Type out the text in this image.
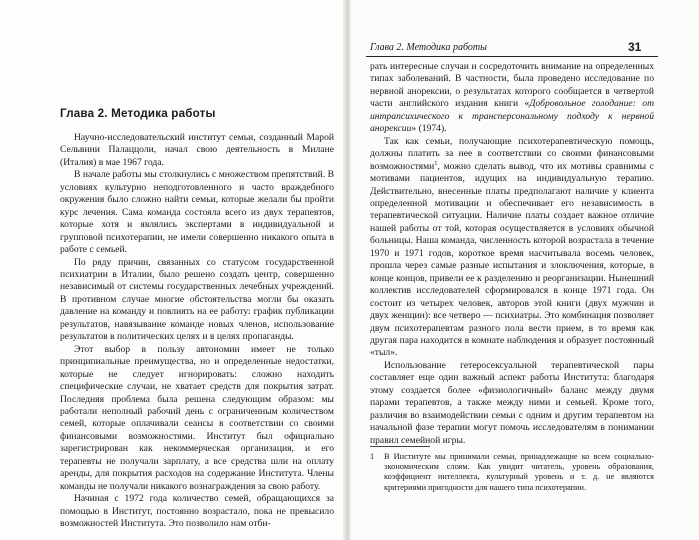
Глава 2. Методика работы

Научно-исследовательский институт семьи, созданный Марой Сельвини Палаццоли, начал свою деятельность в Милане (Италия) в мае 1967 года.

В начале работы мы столкнулись с множеством препятствий. В условиях культурно неподготовленного и часто враждебного окружения было сложно найти семьи, которые желали бы пройти курс лечения. Сама команда состояла всего из двух терапевтов, которые хотя и являлись экспертами в индивидуальной и групповой психотерапии, не имели совершенно никакого опыта в работе с семьей.

По ряду причин, связанных со статусом государственной психиатрии в Италии, было решено создать центр, совершенно независимый от системы государственных лечебных учреждений. В противном случае многие обстоятельства могли бы оказать давление на команду и повлиять на ее работу: график публикации результатов, навязывание команде новых членов, использование результатов в политических целях и в целях пропаганды.

Этот выбор в пользу автономии имеет не только принципиальные преимущества, но и определенные недостатки, которые не следует игнорировать: сложно находить специфические случаи, не хватает средств для покрытия затрат. Последняя проблема была решена следующим образом: мы работали неполный рабочий день с ограниченным количеством семей, которые оплачивали сеансы в соответствии со своими финансовыми возможностями. Институт был официально зарегистрирован как некоммерческая организация, и его терапевты не получали зарплату, а все средства шли на оплату аренды, для покрытия расходов на содержание Института. Члены команды не получали никакого вознаграждения за свою работу.

Начиная с 1972 года количество семей, обращающихся за помощью в Институт, постоянно возрастало, пока не превысило возможностей Института. Это позволило нам отби-

Глава 2. Методика работы	31

рать интересные случаи и сосредоточить внимание на определенных типах заболеваний. В частности, была проведено исследование по нервной анорексии, о результатах которого сообщается в четвертой части английского издания книги «Добровольное голодание: от интрапсихического к трансперсональному подходу к нервной анорексии» (1974).

Так как семьи, получающие психотерапевтическую помощь, должны платить за нее в соответствии со своими финансовыми возможностями$^1$, можно сделать вывод, что их мотивы сравнимы с мотивами пациентов, идущих на индивидуальную терапию. Действительно, внесенные платы предполагают наличие у клиента определенной мотивации и обеспечивает его независимость в терапевтической ситуации. Наличие платы создает важное отличие нашей работы от той, которая осуществляется в условиях обычной больницы. Наша команда, численность которой возрастала в течение 1970 и 1971 годов, короткое время насчитывала восемь человек, прошла через самые разные испытания и злоключения, которые, в конце концов, привели ее к разделению и реорганизации. Нынешний коллектив исследователей сформировался в конце 1971 года. Он состоит из четырех человек, авторов этой книги (двух мужчин и двух женщин): все четверо — психиатры. Это комбинация позволяет двум психотерапевтам разного пола вести прием, в то время как другая пара находится в комнате наблюдения и образует постоянный «тыл».

Использование гетеросексуальной терапевтической пары составляет еще один важный аспект работы Института: благодаря этому создается более «физиологичный» баланс между двумя парами терапевтов, а также между ними и семьей. Кроме того, различия во взаимодействии семьи с одним и другим терапевтом на начальной фазе терапии могут помочь исследователям в понимании правил семейной игры.

1 В Институте мы принимали семьи, принадлежащие ко всем социально-экономическим слоям. Как увидит читатель, уровень образования, коэффициент интеллекта, культурный уровень и т. д. не являются критериями пригодности для нашего типа психотерапии.
